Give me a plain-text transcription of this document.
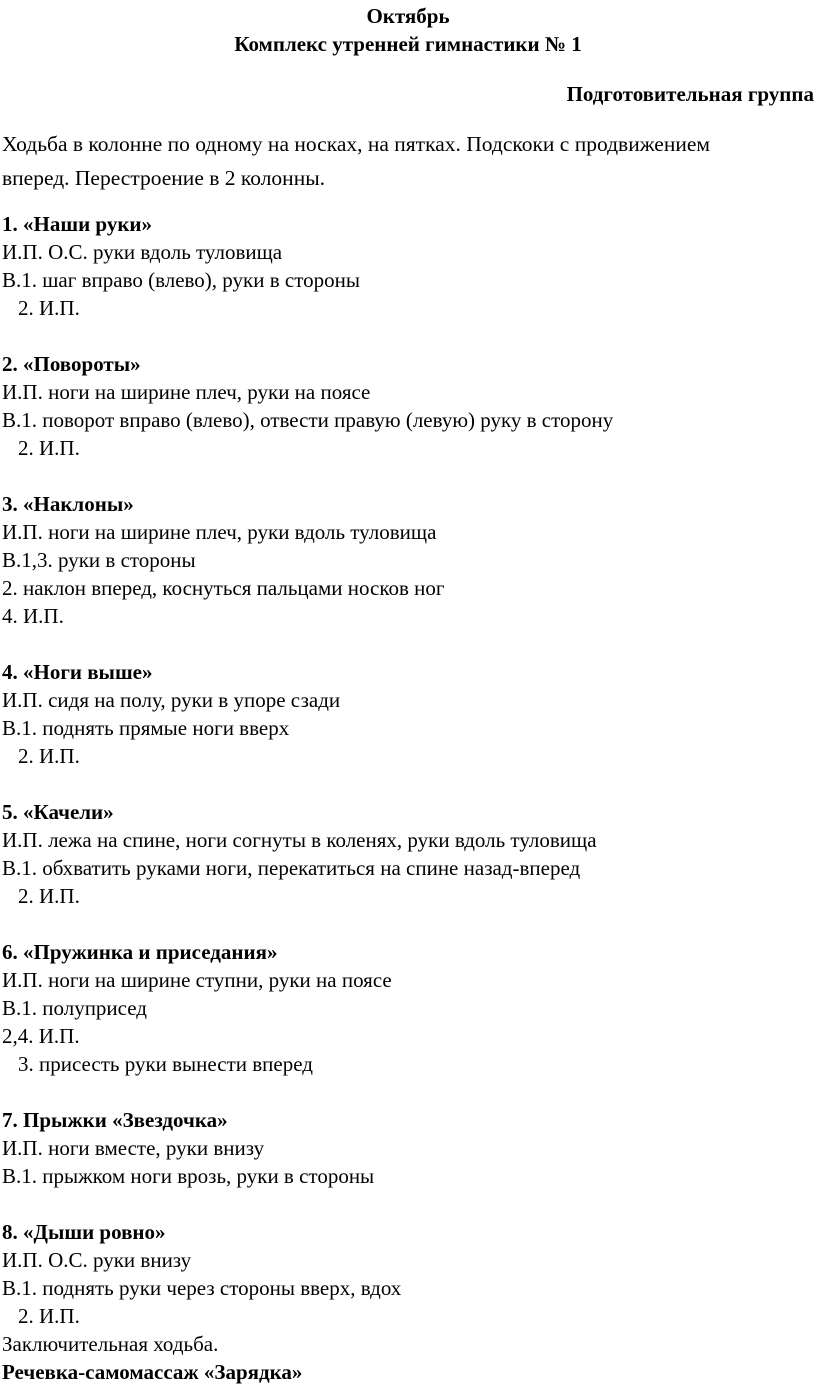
Октябрь
Комплекс утренней гимнастики № 1
Подготовительная группа
Ходьба в колонне по одному на носках, на пятках. Подскоки с продвижением
вперед. Перестроение в 2 колонны.
1. «Наши руки»
И.П. О.С. руки вдоль туловища
В.1. шаг вправо (влево), руки в стороны
2. И.П.
2. «Повороты»
И.П. ноги на ширине плеч, руки на поясе
В.1. поворот вправо (влево), отвести правую (левую) руку в сторону
2. И.П.
3. «Наклоны»
И.П. ноги на ширине плеч, руки вдоль туловища
В.1,3. руки в стороны
2. наклон вперед, коснуться пальцами носков ног
4. И.П.
4. «Ноги выше»
И.П. сидя на полу, руки в упоре сзади
В.1. поднять прямые ноги вверх
2. И.П.
5. «Качели»
И.П. лежа на спине, ноги согнуты в коленях, руки вдоль туловища
В.1. обхватить руками ноги, перекатиться на спине назад-вперед
2. И.П.
6. «Пружинка и приседания»
И.П. ноги на ширине ступни, руки на поясе
В.1. полуприсед
2,4. И.П.
3. присесть руки вынести вперед
7. Прыжки «Звездочка»
И.П. ноги вместе, руки внизу
В.1. прыжком ноги врозь, руки в стороны
8. «Дыши ровно»
И.П. О.С. руки внизу
В.1. поднять руки через стороны вверх, вдох
2. И.П.
Заключительная ходьба.
Речевка-самомассаж «Зарядка»
